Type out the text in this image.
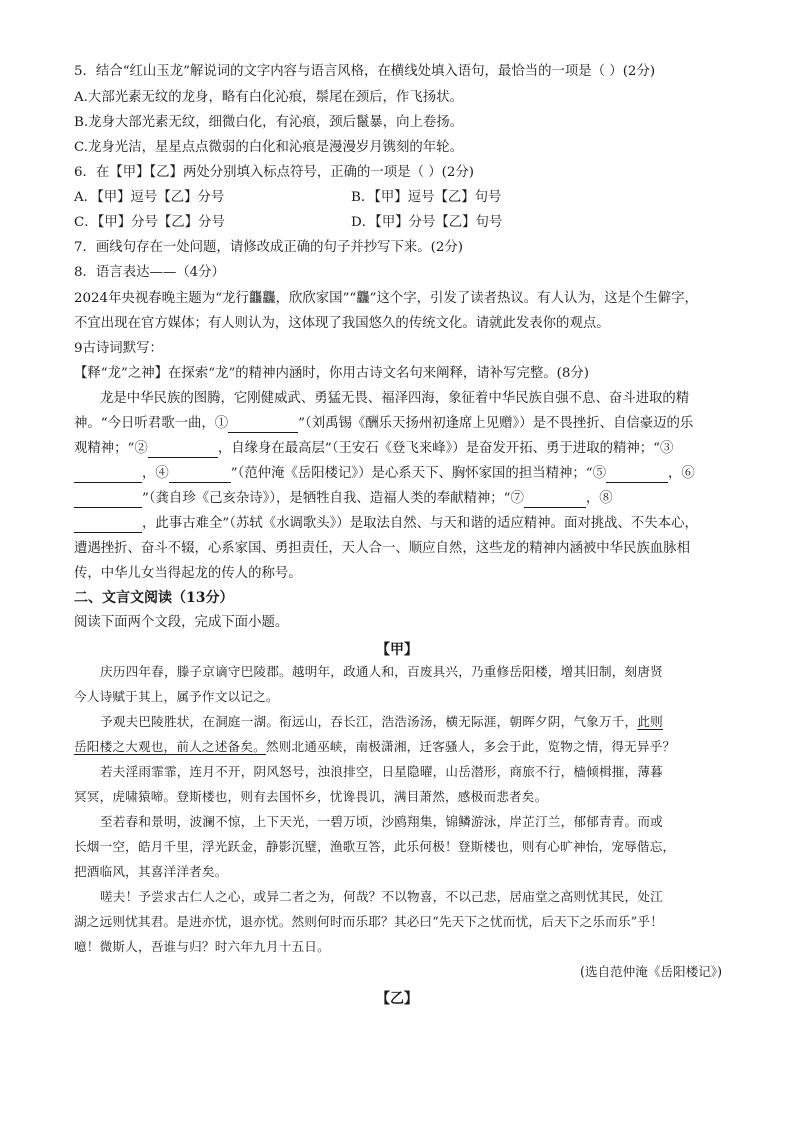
5．结合“红山玉龙”解说词的文字内容与语言风格，在横线处填入语句，最恰当的一项是（ ）(2分)
A.大部光素无纹的龙身，略有白化沁痕，鬃尾在颈后，作飞扬状。
B.龙身大部光素无纹，细微白化，有沁痕，颈后鬣暴，向上卷扬。
C.龙身光洁，星星点点微弱的白化和沁痕是漫漫岁月镌刻的年轮。
6．在【甲】【乙】两处分别填入标点符号，正确的一项是（ ）(2分)
A．【甲】逗号【乙】分号	B．【甲】逗号【乙】句号
C．【甲】分号【乙】分号	D．【甲】分号【乙】句号
7．画线句存在一处问题，请修改成正确的句子并抄写下来。(2分)
8．语言表达——（4分）
2024年央视春晚主题为“龙行龘龘，欣欣家国”“龘”这个字，引发了读者热议。有人认为，这是个生僻字，
不宜出现在官方媒体；有人则认为，这体现了我国悠久的传统文化。请就此发表你的观点。
9古诗词默写：
【释“龙”之神】在探索“龙”的精神内涵时，你用古诗文名句来阐释，请补写完整。(8分)
龙是中华民族的图腾，它刚健威武、勇猛无畏、福泽四海，象征着中华民族自强不息、奋斗进取的精
神。“今日听君歌一曲，①	”（刘禹锡《酬乐天扬州初逢席上见赠》）是不畏挫折、自信豪迈的乐
观精神；“②	，自缘身在最高层”（王安石《登飞来峰》）是奋发开拓、勇于进取的精神；“③
，④	”（范仲淹《岳阳楼记》）是心系天下、胸怀家国的担当精神；“⑤	，⑥
”（龚自珍《己亥杂诗》），是牺牲自我、造福人类的奉献精神；“⑦	，⑧
，此事古难全”（苏轼《水调歌头》）是取法自然、与天和谐的适应精神。面对挑战、不失本心，
遭遇挫折、奋斗不辍，心系家国、勇担责任，天人合一、顺应自然，这些龙的精神内涵被中华民族血脉相
传，中华儿女当得起龙的传人的称号。
二、文言文阅读（13分）
阅读下面两个文段，完成下面小题。
【甲】
庆历四年春，滕子京谪守巴陵郡。越明年，政通人和，百废具兴，乃重修岳阳楼，增其旧制，刻唐贤
今人诗赋于其上，属予作文以记之。
予观夫巴陵胜状，在洞庭一湖。衔远山，吞长江，浩浩汤汤，横无际涯，朝晖夕阴，气象万千，此则
岳阳楼之大观也，前人之述备矣。然则北通巫峡，南极潇湘，迁客骚人，多会于此，览物之情，得无异乎？
若夫淫雨霏霏，连月不开，阴风怒号，浊浪排空，日星隐曜，山岳潜形，商旅不行，樯倾楫摧，薄暮
冥冥，虎啸猿啼。登斯楼也，则有去国怀乡，忧谗畏讥，满目萧然，感极而悲者矣。
至若春和景明，波澜不惊，上下天光，一碧万顷，沙鸥翔集，锦鳞游泳，岸芷汀兰，郁郁青青。而或
长烟一空，皓月千里，浮光跃金，静影沉璧，渔歌互答，此乐何极！登斯楼也，则有心旷神怡，宠辱偕忘，
把酒临风，其喜洋洋者矣。
嗟夫！予尝求古仁人之心，或异二者之为，何哉？不以物喜，不以己悲，居庙堂之高则忧其民，处江
湖之远则忧其君。是进亦忧，退亦忧。然则何时而乐耶？其必曰“先天下之忧而忧，后天下之乐而乐”乎！
噫！微斯人，吾谁与归？时六年九月十五日。
(选自范仲淹《岳阳楼记》)
【乙】
